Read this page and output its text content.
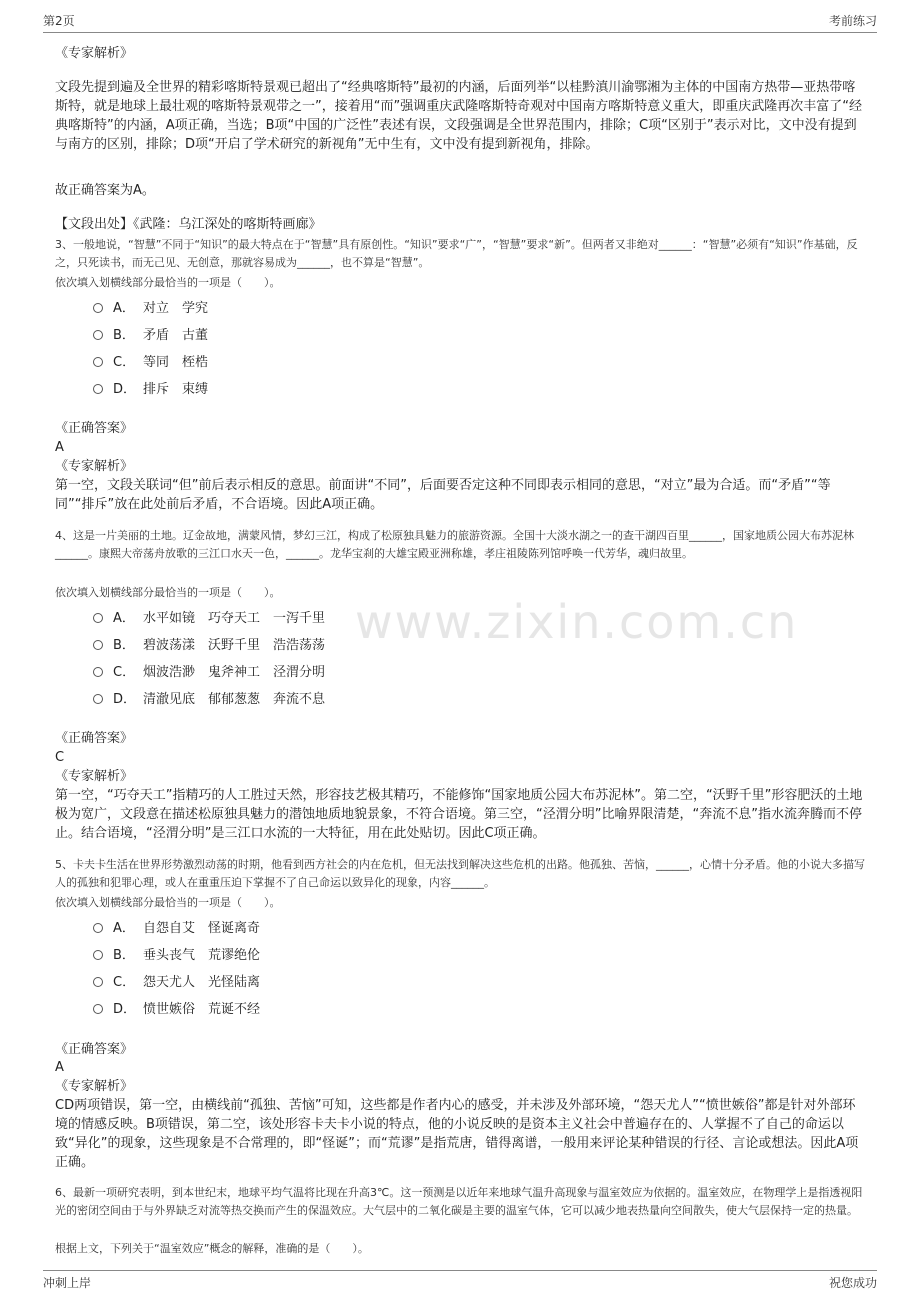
第2页	考前练习
www.zixin.com.cn
《专家解析》
文段先提到遍及全世界的精彩喀斯特景观已超出了“经典喀斯特”最初的内涵，后面列举“以桂黔滇川渝鄂湘为主体的中国南方热带—亚热带喀斯特，就是地球上最壮观的喀斯特景观带之一”，接着用“而”强调重庆武隆喀斯特奇观对中国南方喀斯特意义重大，即重庆武隆再次丰富了“经典喀斯特”的内涵，A项正确，当选；B项“中国的广泛性”表述有误，文段强调是全世界范围内，排除；C项“区别于”表示对比，文中没有提到与南方的区别，排除；D项“开启了学术研究的新视角”无中生有，文中没有提到新视角，排除。
故正确答案为A。
【文段出处】《武隆：乌江深处的喀斯特画廊》
3、一般地说，“智慧”不同于“知识”的最大特点在于“智慧”具有原创性。“知识”要求“广”，“智慧”要求“新”。但两者又非绝对______：“智慧”必须有“知识”作基础，反之，只死读书，而无己见、无创意，那就容易成为______，也不算是“智慧”。
依次填入划横线部分最恰当的一项是（　　）。
A． 对立　学究
B． 矛盾　古董
C． 等同　桎梏
D． 排斥　束缚
《正确答案》
A
《专家解析》
第一空，文段关联词“但”前后表示相反的意思。前面讲“不同”，后面要否定这种不同即表示相同的意思，“对立”最为合适。而“矛盾”“等同”“排斥”放在此处前后矛盾，不合语境。因此A项正确。
4、这是一片美丽的土地。辽金故地，满蒙风情，梦幻三江，构成了松原独具魅力的旅游资源。全国十大淡水湖之一的查干湖四百里______，国家地质公园大布苏泥林______。康熙大帝荡舟放歌的三江口水天一色，______。龙华宝刹的大雄宝殿亚洲称雄，孝庄祖陵陈列馆呼唤一代芳华，魂归故里。
依次填入划横线部分最恰当的一项是（　　）。
A． 水平如镜　巧夺天工　一泻千里
B． 碧波荡漾　沃野千里　浩浩荡荡
C． 烟波浩渺　鬼斧神工　泾渭分明
D． 清澈见底　郁郁葱葱　奔流不息
《正确答案》
C
《专家解析》
第一空，“巧夺天工”指精巧的人工胜过天然，形容技艺极其精巧，不能修饰“国家地质公园大布苏泥林”。第二空，“沃野千里”形容肥沃的土地极为宽广，文段意在描述松原独具魅力的潜蚀地质地貌景象，不符合语境。第三空，“泾渭分明”比喻界限清楚，“奔流不息”指水流奔腾而不停止。结合语境，“泾渭分明”是三江口水流的一大特征，用在此处贴切。因此C项正确。
5、卡夫卡生活在世界形势激烈动荡的时期，他看到西方社会的内在危机，但无法找到解决这些危机的出路。他孤独、苦恼，______，心情十分矛盾。他的小说大多描写人的孤独和犯罪心理，或人在重重压迫下掌握不了自己命运以致异化的现象，内容______。
依次填入划横线部分最恰当的一项是（　　）。
A． 自怨自艾　怪诞离奇
B． 垂头丧气　荒谬绝伦
C． 怨天尤人　光怪陆离
D． 愤世嫉俗　荒诞不经
《正确答案》
A
《专家解析》
CD两项错误，第一空，由横线前“孤独、苦恼”可知，这些都是作者内心的感受，并未涉及外部环境，“怨天尤人”“愤世嫉俗”都是针对外部环境的情感反映。B项错误，第二空，该处形容卡夫卡小说的特点，他的小说反映的是资本主义社会中普遍存在的、人掌握不了自己的命运以致“异化”的现象，这些现象是不合常理的，即“怪诞”；而“荒谬”是指荒唐，错得离谱，一般用来评论某种错误的行径、言论或想法。因此A项正确。
6、最新一项研究表明，到本世纪末，地球平均气温将比现在升高3℃。这一预测是以近年来地球气温升高现象与温室效应为依据的。温室效应，在物理学上是指透视阳光的密闭空间由于与外界缺乏对流等热交换而产生的保温效应。大气层中的二氧化碳是主要的温室气体，它可以减少地表热量向空间散失，使大气层保持一定的热量。
根据上文，下列关于“温室效应”概念的解释，准确的是（　　）。
冲刺上岸	祝您成功
